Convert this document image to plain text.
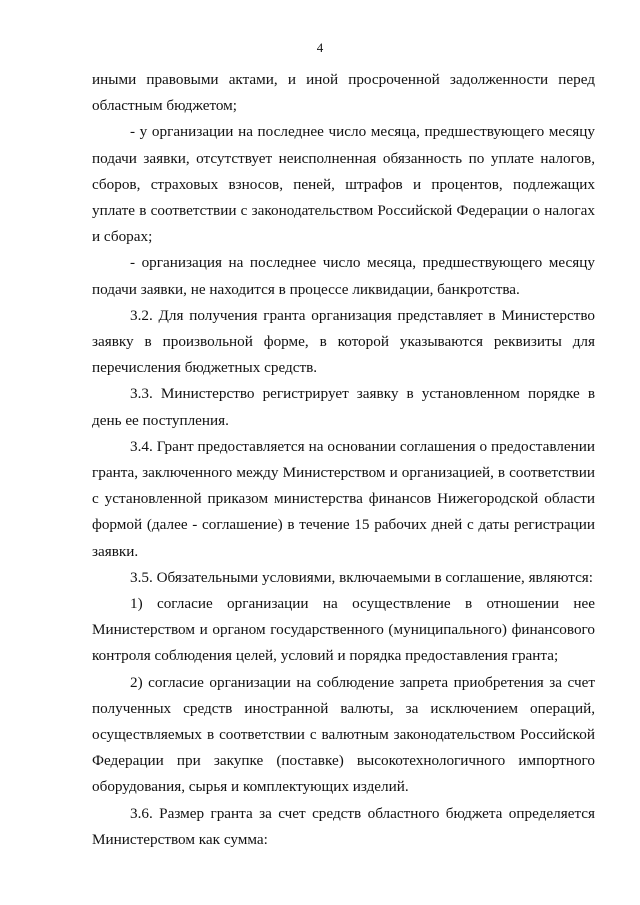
4

иными правовыми актами, и иной просроченной задолженности перед областным бюджетом;

- у организации на последнее число месяца, предшествующего месяцу подачи заявки, отсутствует неисполненная обязанность по уплате налогов, сборов, страховых взносов, пеней, штрафов и процентов, подлежащих уплате в соответствии с законодательством Российской Федерации о налогах и сборах;

- организация на последнее число месяца, предшествующего месяцу подачи заявки, не находится в процессе ликвидации, банкротства.

3.2. Для получения гранта организация представляет в Министерство заявку в произвольной форме, в которой указываются реквизиты для перечисления бюджетных средств.

3.3. Министерство регистрирует заявку в установленном порядке в день ее поступления.

3.4. Грант предоставляется на основании соглашения о предоставлении гранта, заключенного между Министерством и организацией, в соответствии с установленной приказом министерства финансов Нижегородской области формой (далее - соглашение) в течение 15 рабочих дней с даты регистрации заявки.

3.5. Обязательными условиями, включаемыми в соглашение, являются:

1) согласие организации на осуществление в отношении нее Министерством и органом государственного (муниципального) финансового контроля соблюдения целей, условий и порядка предоставления гранта;

2) согласие организации на соблюдение запрета приобретения за счет полученных средств иностранной валюты, за исключением операций, осуществляемых в соответствии с валютным законодательством Российской Федерации при закупке (поставке) высокотехнологичного импортного оборудования, сырья и комплектующих изделий.

3.6. Размер гранта за счет средств областного бюджета определяется Министерством как сумма:
